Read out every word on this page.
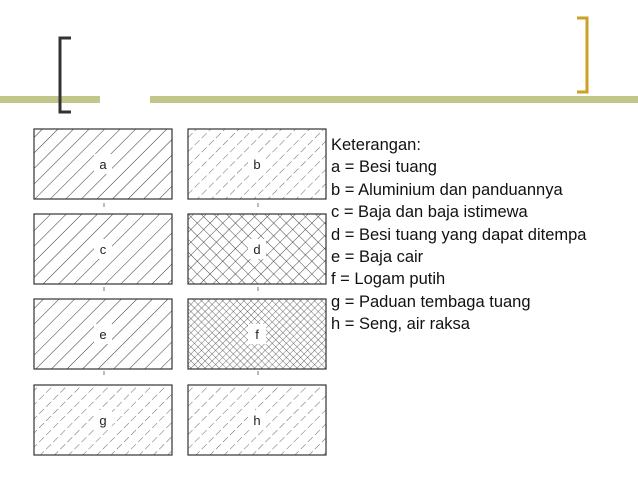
a	b
c	d
e	f
g	h
Keterangan:
a = Besi tuang
b = Aluminium dan panduannya
c = Baja dan baja istimewa
d = Besi tuang yang dapat ditempa
e = Baja cair
f = Logam putih
g = Paduan tembaga tuang
h = Seng, air raksa
